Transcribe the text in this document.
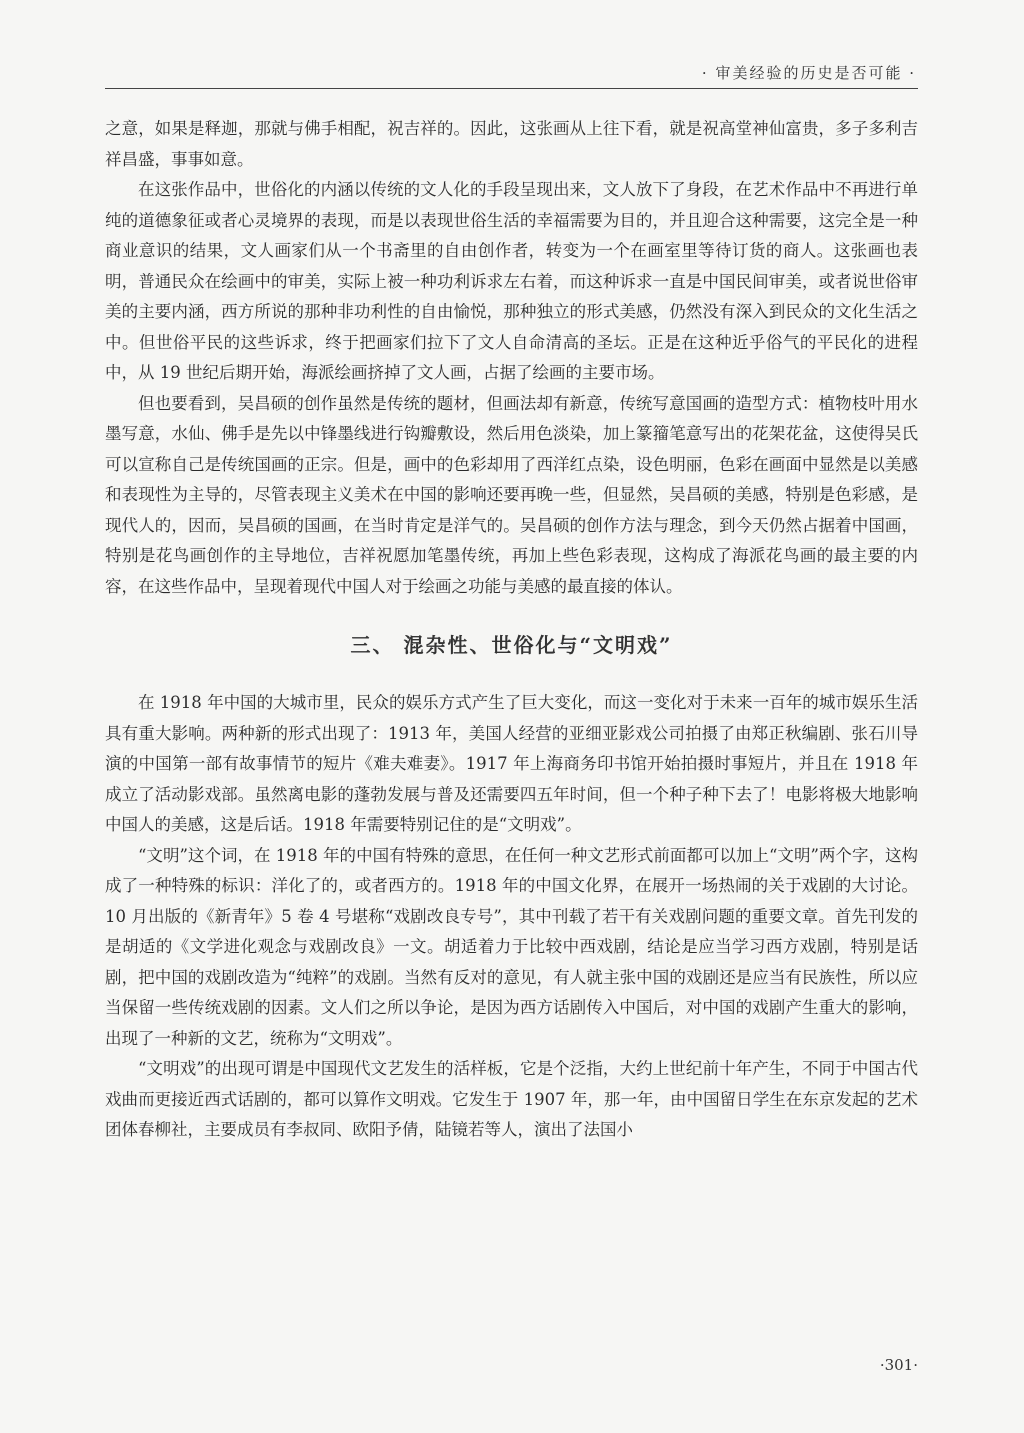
· 审美经验的历史是否可能 ·

之意，如果是释迦，那就与佛手相配，祝吉祥的。因此，这张画从上往下看，就是祝高堂神仙富贵，多子多利吉祥昌盛，事事如意。

在这张作品中，世俗化的内涵以传统的文人化的手段呈现出来，文人放下了身段，在艺术作品中不再进行单纯的道德象征或者心灵境界的表现，而是以表现世俗生活的幸福需要为目的，并且迎合这种需要，这完全是一种商业意识的结果，文人画家们从一个书斋里的自由创作者，转变为一个在画室里等待订货的商人。这张画也表明，普通民众在绘画中的审美，实际上被一种功利诉求左右着，而这种诉求一直是中国民间审美，或者说世俗审美的主要内涵，西方所说的那种非功利性的自由愉悦，那种独立的形式美感，仍然没有深入到民众的文化生活之中。但世俗平民的这些诉求，终于把画家们拉下了文人自命清高的圣坛。正是在这种近乎俗气的平民化的进程中，从 19 世纪后期开始，海派绘画挤掉了文人画，占据了绘画的主要市场。

但也要看到，吴昌硕的创作虽然是传统的题材，但画法却有新意，传统写意国画的造型方式：植物枝叶用水墨写意，水仙、佛手是先以中锋墨线进行钩瓣敷设，然后用色淡染，加上篆籀笔意写出的花架花盆，这使得吴氏可以宣称自己是传统国画的正宗。但是，画中的色彩却用了西洋红点染，设色明丽，色彩在画面中显然是以美感和表现性为主导的，尽管表现主义美术在中国的影响还要再晚一些，但显然，吴昌硕的美感，特别是色彩感，是现代人的，因而，吴昌硕的国画，在当时肯定是洋气的。吴昌硕的创作方法与理念，到今天仍然占据着中国画，特别是花鸟画创作的主导地位，吉祥祝愿加笔墨传统，再加上些色彩表现，这构成了海派花鸟画的最主要的内容，在这些作品中，呈现着现代中国人对于绘画之功能与美感的最直接的体认。

三、 混杂性、世俗化与“文明戏”

在 1918 年中国的大城市里，民众的娱乐方式产生了巨大变化，而这一变化对于未来一百年的城市娱乐生活具有重大影响。两种新的形式出现了：1913 年，美国人经营的亚细亚影戏公司拍摄了由郑正秋编剧、张石川导演的中国第一部有故事情节的短片《难夫难妻》。1917 年上海商务印书馆开始拍摄时事短片，并且在 1918 年成立了活动影戏部。虽然离电影的蓬勃发展与普及还需要四五年时间，但一个种子种下去了！电影将极大地影响中国人的美感，这是后话。1918 年需要特别记住的是“文明戏”。

“文明”这个词，在 1918 年的中国有特殊的意思，在任何一种文艺形式前面都可以加上“文明”两个字，这构成了一种特殊的标识：洋化了的，或者西方的。1918 年的中国文化界，在展开一场热闹的关于戏剧的大讨论。10 月出版的《新青年》5 卷 4 号堪称“戏剧改良专号”，其中刊载了若干有关戏剧问题的重要文章。首先刊发的是胡适的《文学进化观念与戏剧改良》一文。胡适着力于比较中西戏剧，结论是应当学习西方戏剧，特别是话剧，把中国的戏剧改造为“纯粹”的戏剧。当然有反对的意见，有人就主张中国的戏剧还是应当有民族性，所以应当保留一些传统戏剧的因素。文人们之所以争论，是因为西方话剧传入中国后，对中国的戏剧产生重大的影响，出现了一种新的文艺，统称为“文明戏”。

“文明戏”的出现可谓是中国现代文艺发生的活样板，它是个泛指，大约上世纪前十年产生，不同于中国古代戏曲而更接近西式话剧的，都可以算作文明戏。它发生于 1907 年，那一年，由中国留日学生在东京发起的艺术团体春柳社，主要成员有李叔同、欧阳予倩，陆镜若等人，演出了法国小

·301·
